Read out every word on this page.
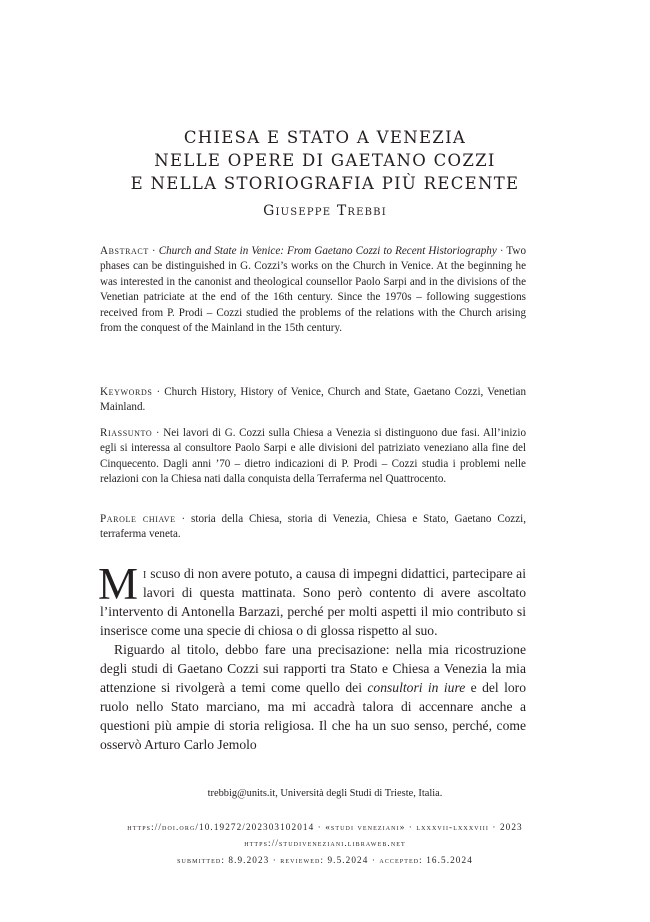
CHIESA E STATO A VENEZIA
NELLE OPERE DI GAETANO COZZI
E NELLA STORIOGRAFIA PIÙ RECENTE
Giuseppe Trebbi
Abstract · Church and State in Venice: From Gaetano Cozzi to Recent Historiography · Two phases can be distinguished in G. Cozzi’s works on the Church in Venice. At the beginning he was interested in the canonist and theological counsellor Paolo Sarpi and in the divisions of the Venetian patriciate at the end of the 16th century. Since the 1970s – following suggestions received from P. Prodi – Cozzi studied the problems of the relations with the Church arising from the conquest of the Mainland in the 15th century.
Keywords · Church History, History of Venice, Church and State, Gaetano Cozzi, Venetian Mainland.
Riassunto · Nei lavori di G. Cozzi sulla Chiesa a Venezia si distinguono due fasi. All’inizio egli si interessa al consultore Paolo Sarpi e alle divisioni del patriziato veneziano alla fine del Cinquecento. Dagli anni ’70 – dietro indicazioni di P. Prodi – Cozzi studia i problemi nelle relazioni con la Chiesa nati dalla conquista della Terraferma nel Quattrocento.
Parole chiave · storia della Chiesa, storia di Venezia, Chiesa e Stato, Gaetano Cozzi, terraferma veneta.

Mi scuso di non avere potuto, a causa di impegni didattici, partecipare ai lavori di questa mattinata. Sono però contento di avere ascoltato l’intervento di Antonella Barzazi, perché per molti aspetti il mio contributo si inserisce come una specie di chiosa o di glossa rispetto al suo.

Riguardo al titolo, debbo fare una precisazione: nella mia ricostruzione degli studi di Gaetano Cozzi sui rapporti tra Stato e Chiesa a Venezia la mia attenzione si rivolgerà a temi come quello dei consultori in iure e del loro ruolo nello Stato marciano, ma mi accadrà talora di accennare anche a questioni più ampie di storia religiosa. Il che ha un suo senso, perché, come osservò Arturo Carlo Jemolo

trebbig@units.it, Università degli Studi di Trieste, Italia.
https://doi.org/10.19272/202303102014 · «studi veneziani» · lxxxvii-lxxxviii · 2023
https://studiveneziani.libraweb.net
submitted: 8.9.2023 · reviewed: 9.5.2024 · accepted: 16.5.2024
